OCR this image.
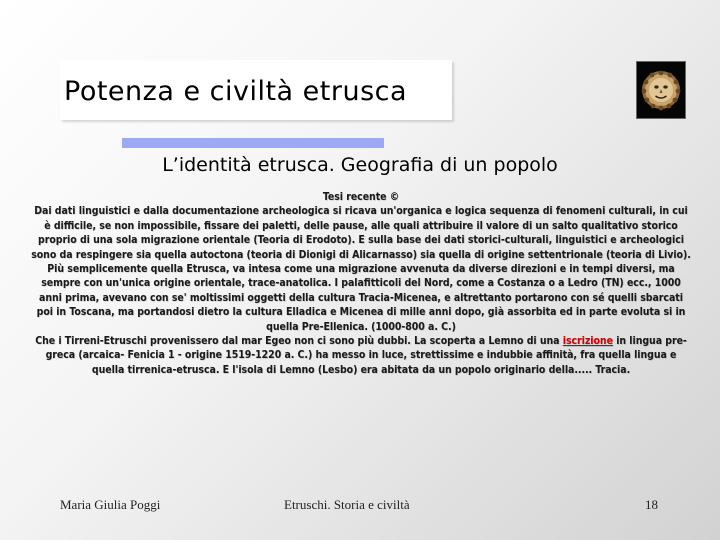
Potenza e civiltà etrusca
L’identità etrusca. Geografia di un popolo

Tesi recente ©

Dai dati linguistici e dalla documentazione archeologica si ricava un'organica e logica sequenza di fenomeni culturali, in cui è difficile, se non impossibile, fissare dei paletti, delle pause, alle quali attribuire il valore di un salto qualitativo storico proprio di una sola migrazione orientale (Teoria di Erodoto). E sulla base dei dati storici-culturali, linguistici e archeologici sono da respingere sia quella autoctona (teoria di Dionigi di Alicarnasso) sia quella di origine settentrionale (teoria di Livio).

Più semplicemente quella Etrusca, va intesa come una migrazione avvenuta da diverse direzioni e in tempi diversi, ma sempre con un'unica origine orientale, trace-anatolica. I palafitticoli del Nord, come a Costanza o a Ledro (TN) ecc., 1000 anni prima, avevano con se' moltissimi oggetti della cultura Tracia-Micenea, e altrettanto portarono con sé quelli sbarcati poi in Toscana, ma portandosi dietro la cultura Elladica e Micenea di mille anni dopo, già assorbita ed in parte evoluta si in quella Pre-Ellenica. (1000-800 a. C.)

Che i Tirreni-Etruschi provenissero dal mar Egeo non ci sono più dubbi. La scoperta a Lemno di una iscrizione in lingua pre-greca (arcaica- Fenicia 1 - origine 1519-1220 a. C.) ha messo in luce, strettissime e indubbie affinità, fra quella lingua e quella tirrenica-etrusca. E l'isola di Lemno (Lesbo) era abitata da un popolo originario della..... Tracia.

Maria Giulia Poggi	Etruschi. Storia e civiltà	18
